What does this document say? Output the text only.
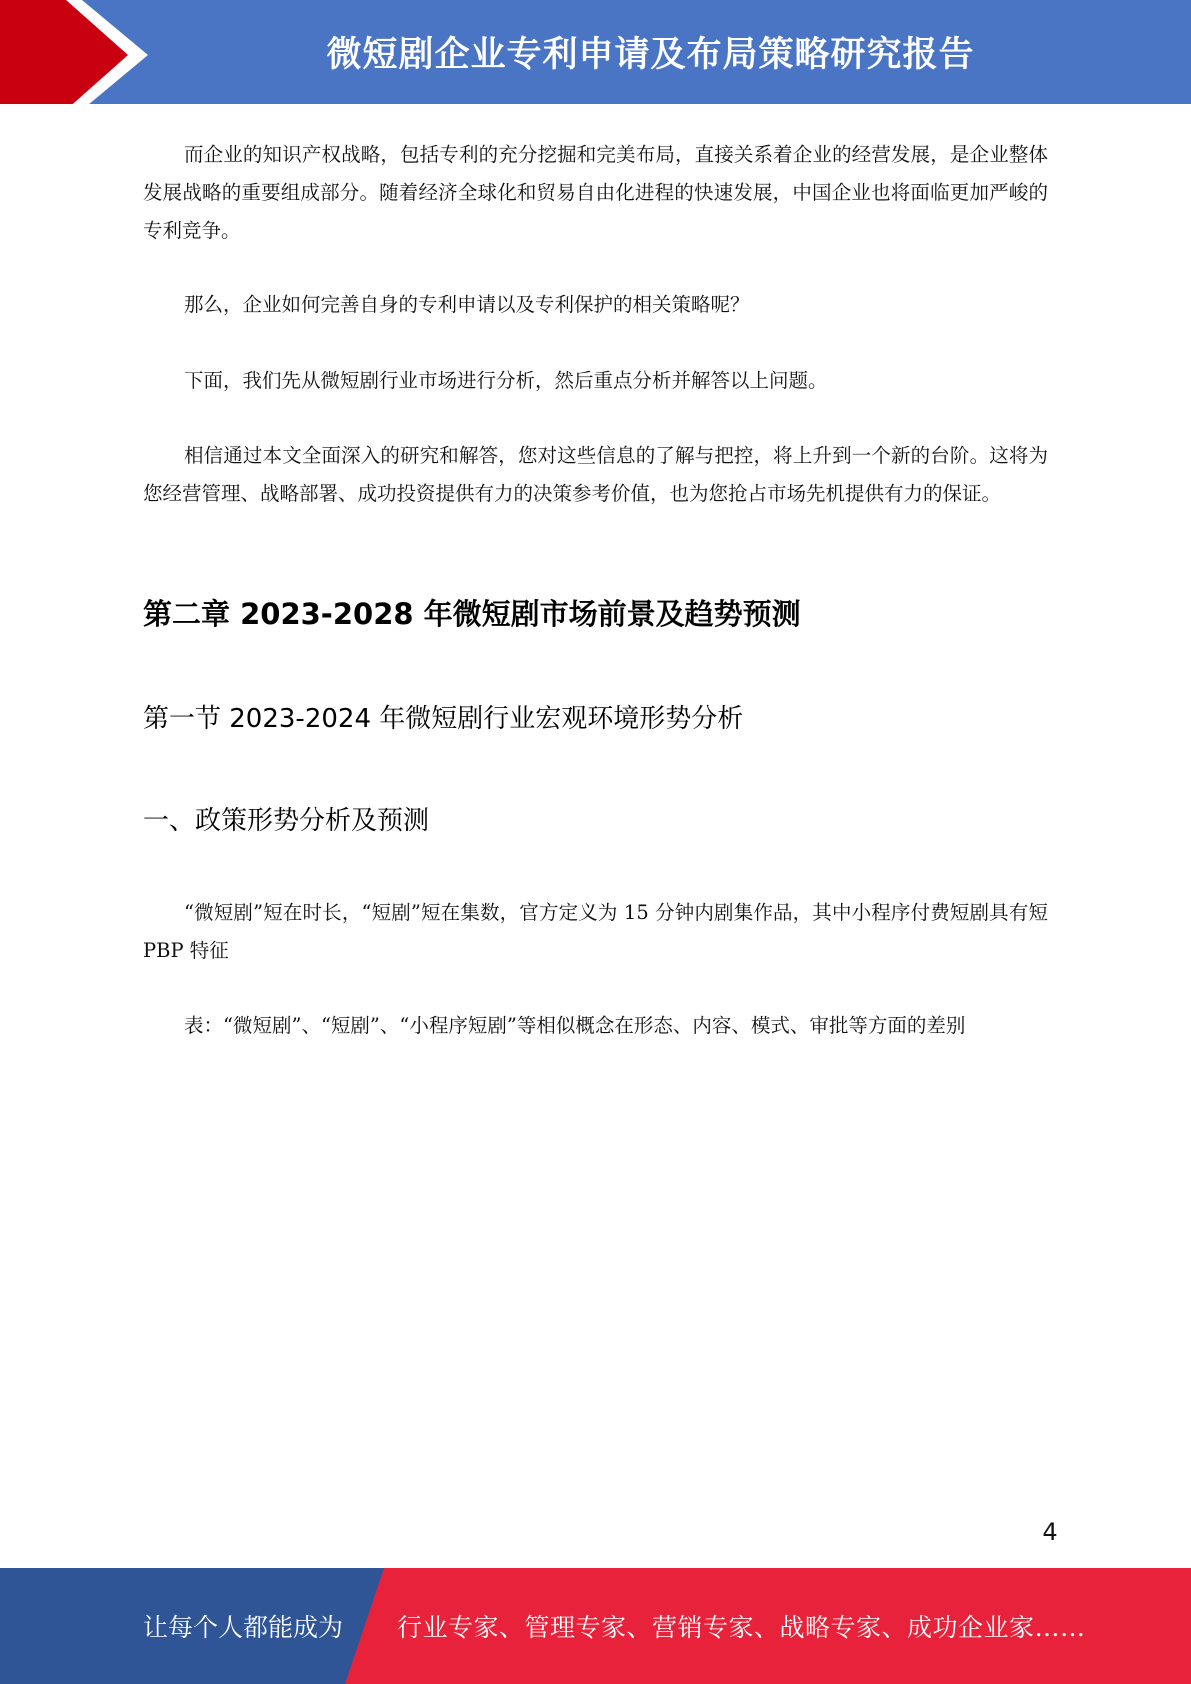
微短剧企业专利申请及布局策略研究报告

而企业的知识产权战略，包括专利的充分挖掘和完美布局，直接关系着企业的经营发展，是企业整体发展战略的重要组成部分。随着经济全球化和贸易自由化进程的快速发展，中国企业也将面临更加严峻的专利竞争。

那么，企业如何完善自身的专利申请以及专利保护的相关策略呢？

下面，我们先从微短剧行业市场进行分析，然后重点分析并解答以上问题。

相信通过本文全面深入的研究和解答，您对这些信息的了解与把控，将上升到一个新的台阶。这将为您经营管理、战略部署、成功投资提供有力的决策参考价值，也为您抢占市场先机提供有力的保证。

第二章 2023-2028 年微短剧市场前景及趋势预测
第一节 2023-2024 年微短剧行业宏观环境形势分析
一、政策形势分析及预测

“微短剧”短在时长，“短剧”短在集数，官方定义为 15 分钟内剧集作品，其中小程序付费短剧具有短 PBP 特征

表：“微短剧”、“短剧”、“小程序短剧”等相似概念在形态、内容、模式、审批等方面的差别

4
让每个人都能成为 行业专家、管理专家、营销专家、战略专家、成功企业家……
